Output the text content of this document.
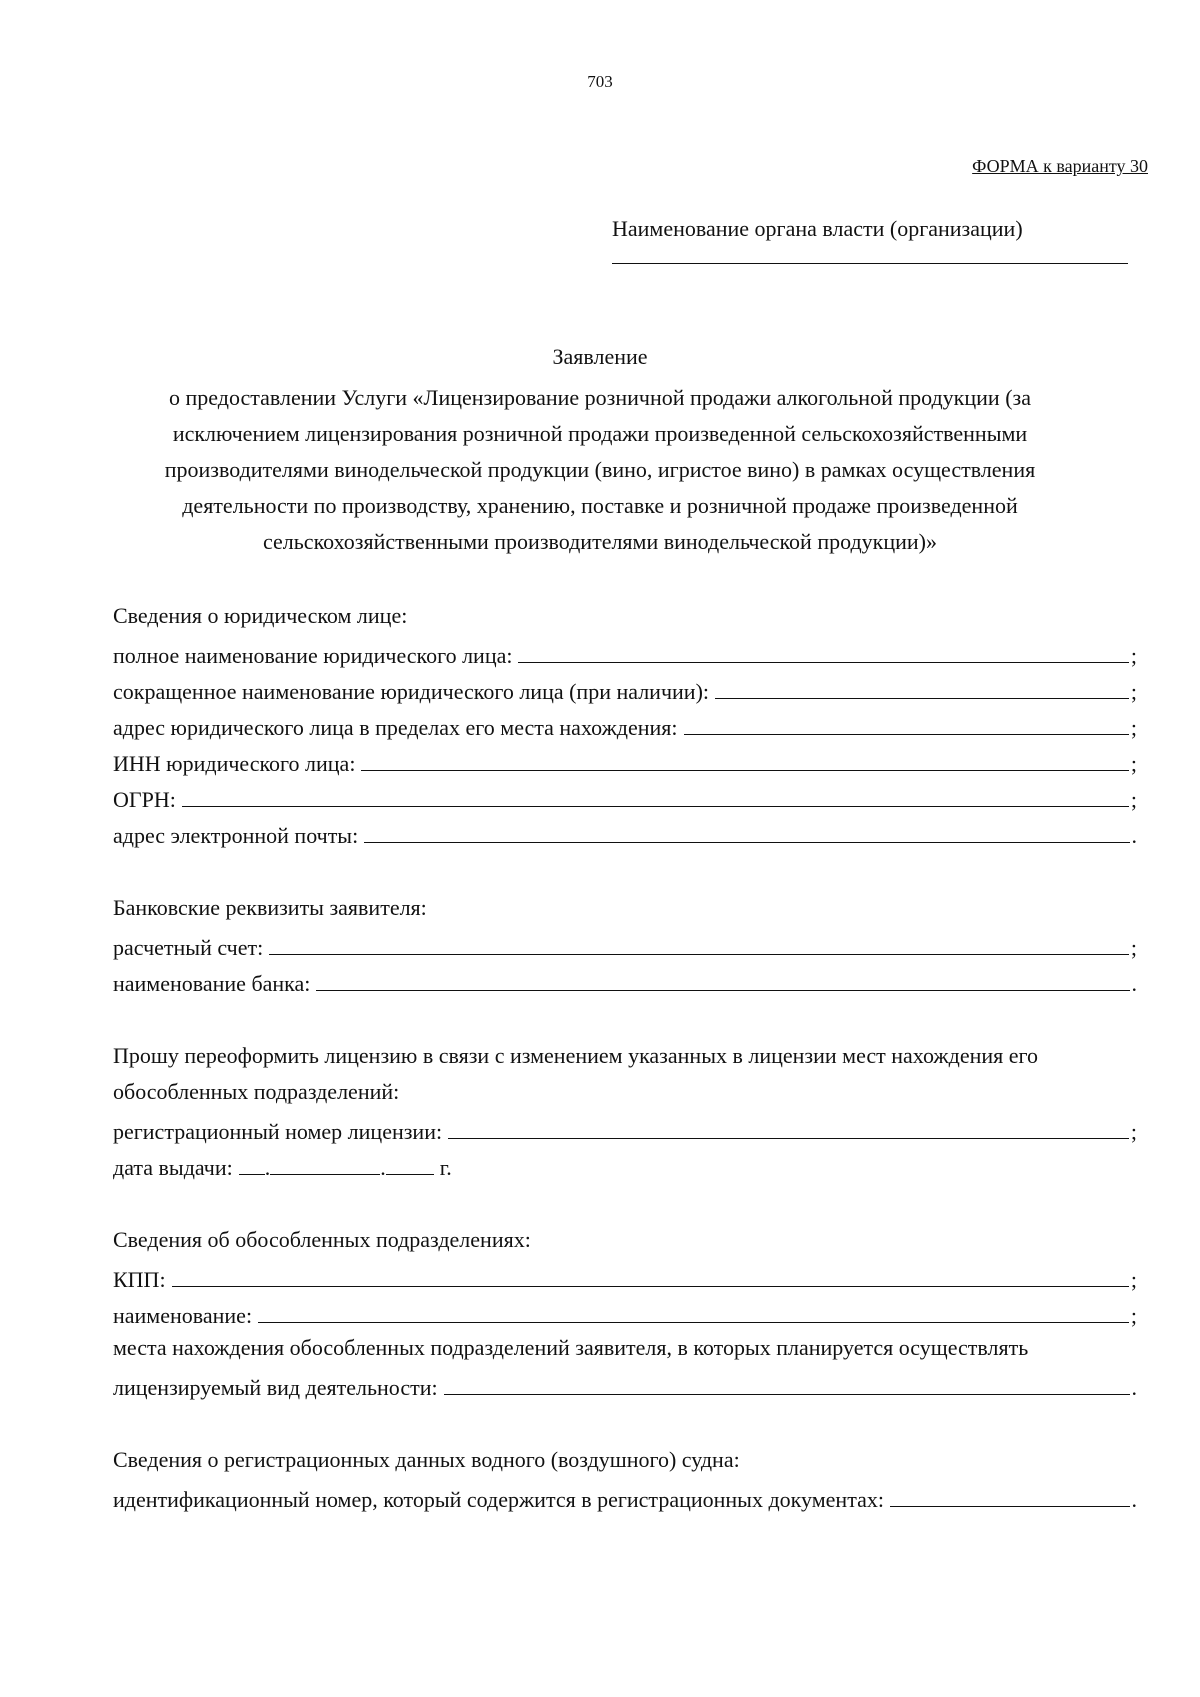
703
ФОРМА к варианту 30
Наименование органа власти (организации)
Заявление
о предоставлении Услуги «Лицензирование розничной продажи алкогольной продукции (за исключением лицензирования розничной продажи произведенной сельскохозяйственными производителями винодельческой продукции (вино, игристое вино) в рамках осуществления деятельности по производству, хранению, поставке и розничной продаже произведенной сельскохозяйственными производителями винодельческой продукции)»
Сведения о юридическом лице:
полное наименование юридического лица:	;
сокращенное наименование юридического лица (при наличии):	;
адрес юридического лица в пределах его места нахождения:	;
ИНН юридического лица:	;
ОГРН:	;
адрес электронной почты:	.
Банковские реквизиты заявителя:
расчетный счет:	;
наименование банка:	.
Прошу переоформить лицензию в связи с изменением указанных в лицензии мест нахождения его
обособленных подразделений:
регистрационный номер лицензии:	;
дата выдачи: .	. г.
Сведения об обособленных подразделениях:
КПП:	;
наименование:	;
места нахождения обособленных подразделений заявителя, в которых планируется осуществлять
лицензируемый вид деятельности:	.
Сведения о регистрационных данных водного (воздушного) судна:
идентификационный номер, который содержится в регистрационных документах:	.
